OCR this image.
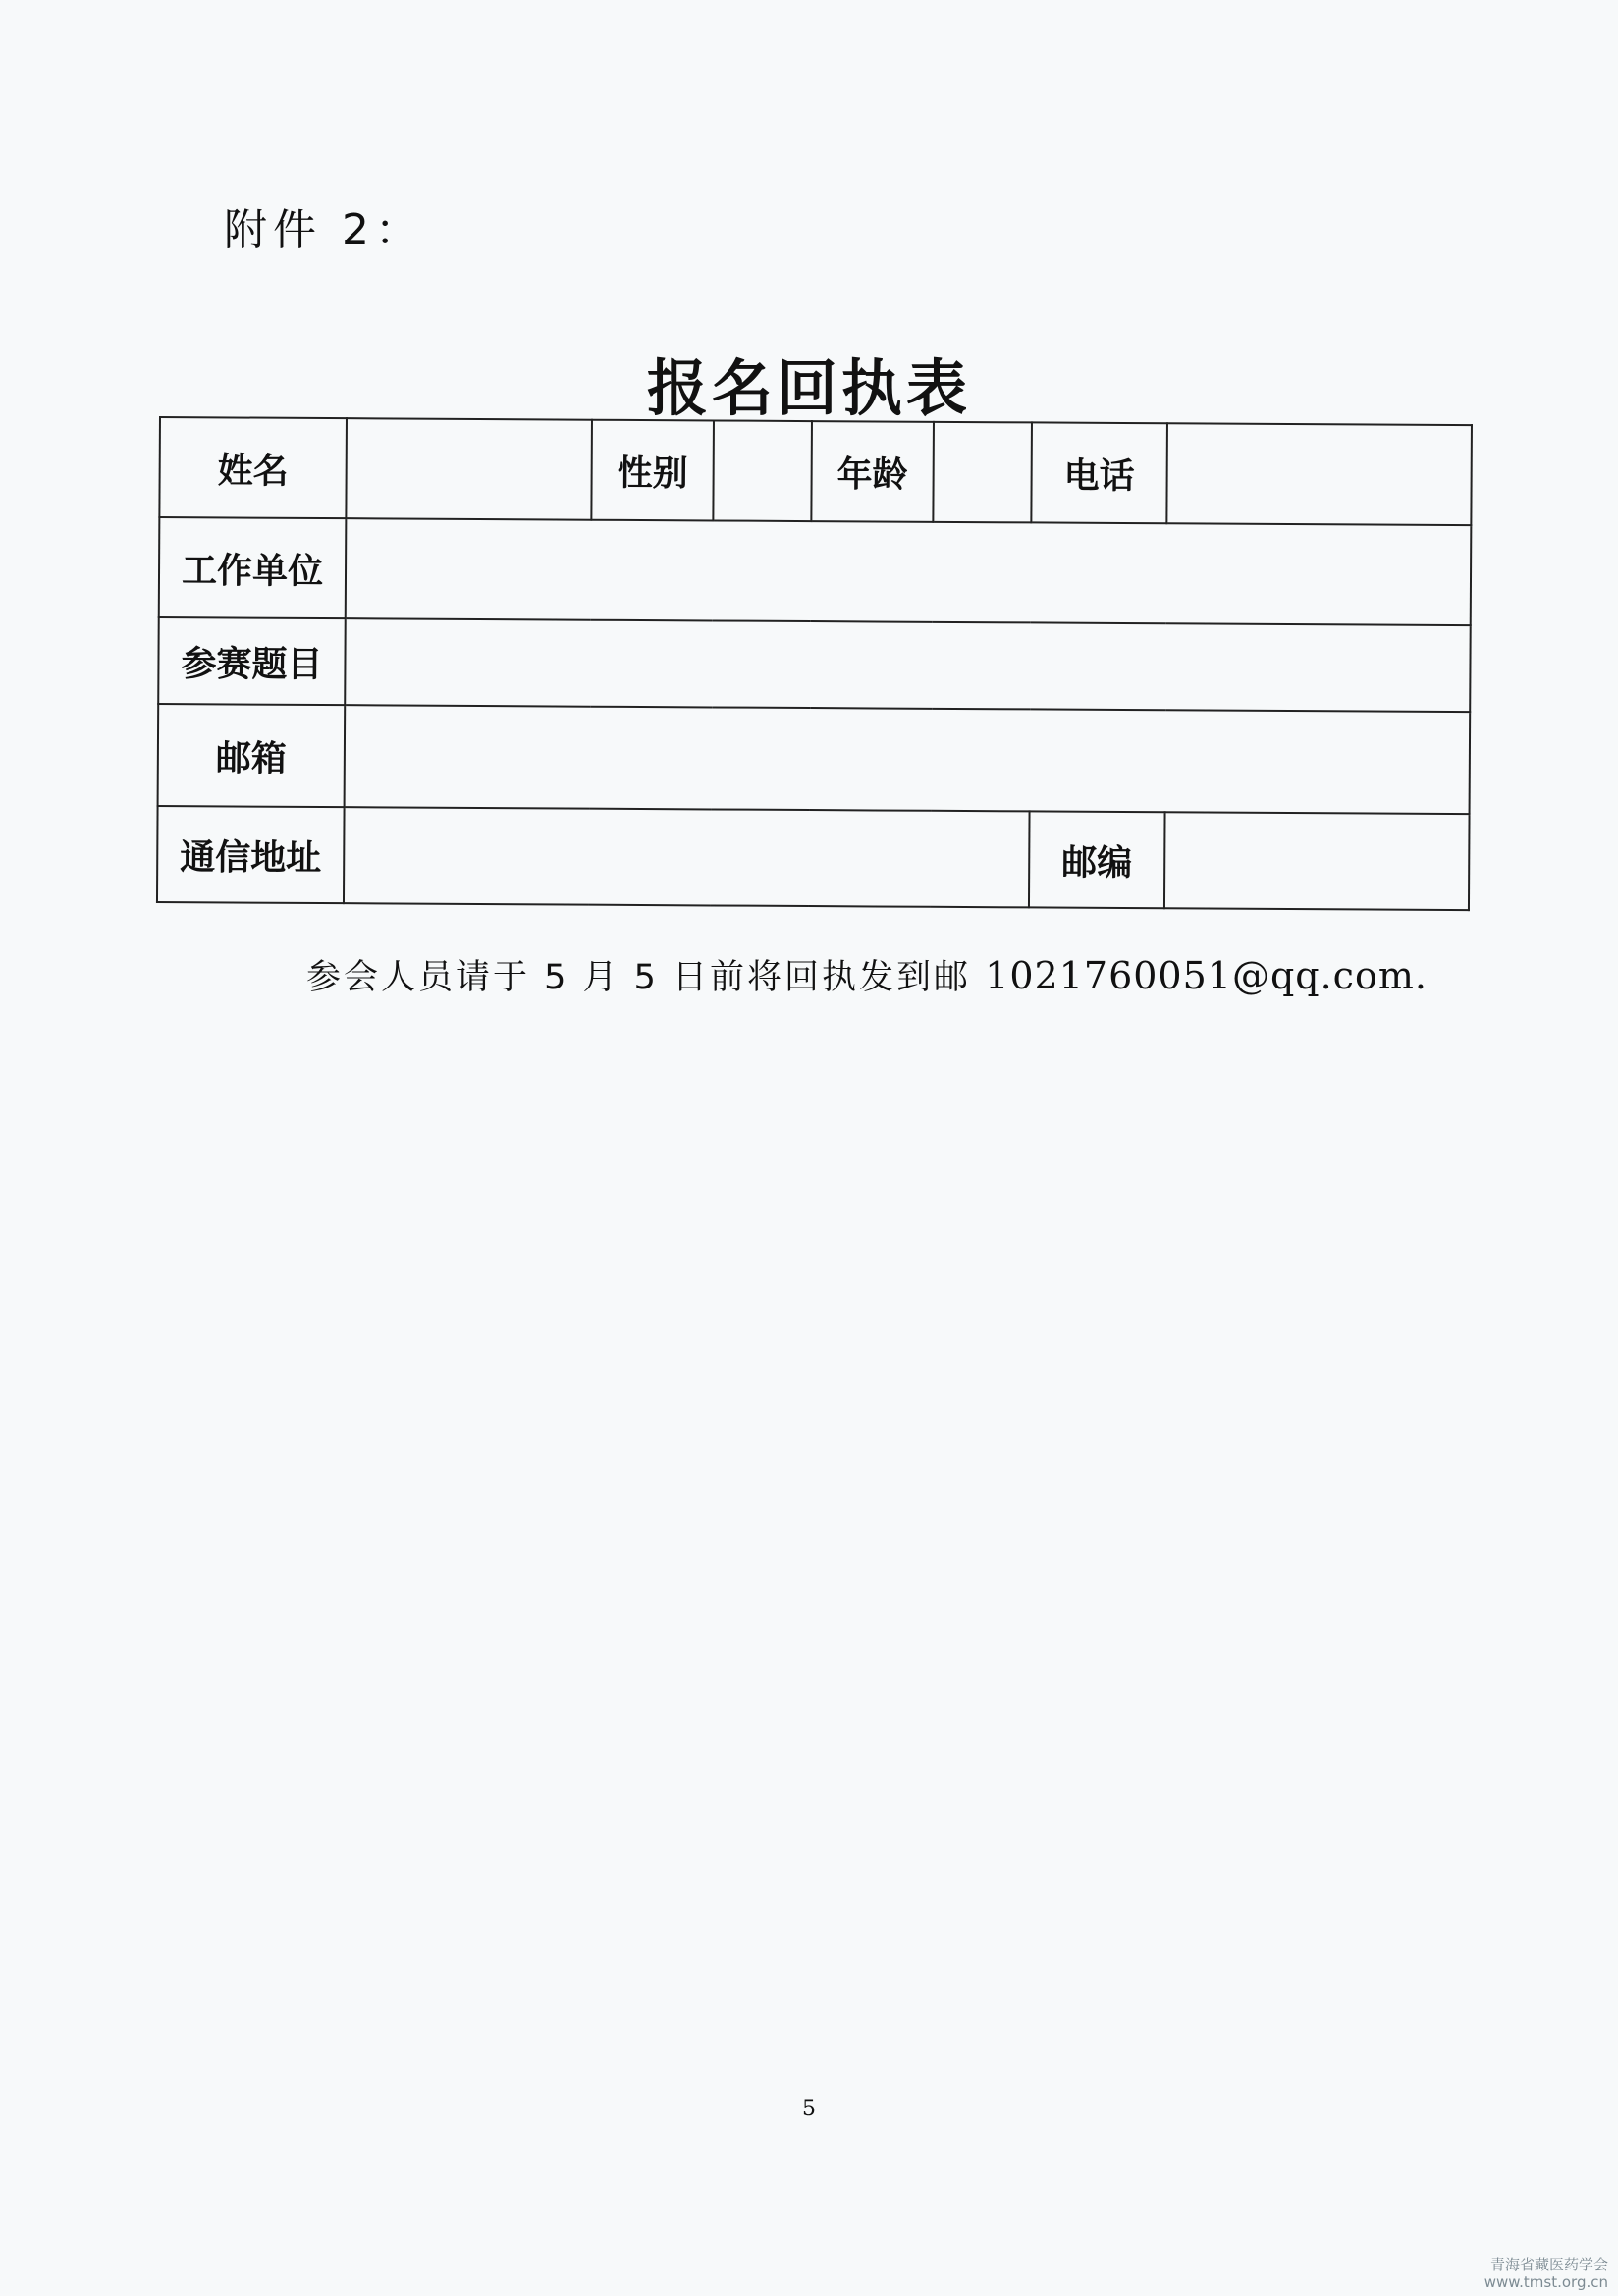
附件 2：
报名回执表
姓名		性别		年龄		电话	
工作单位							
参赛题目							
邮箱							
通信地址						邮编	
参会人员请于 5 月 5 日前将回执发到邮 1021760051@qq.com.
5
青海省藏医药学会
www.tmst.org.cn
